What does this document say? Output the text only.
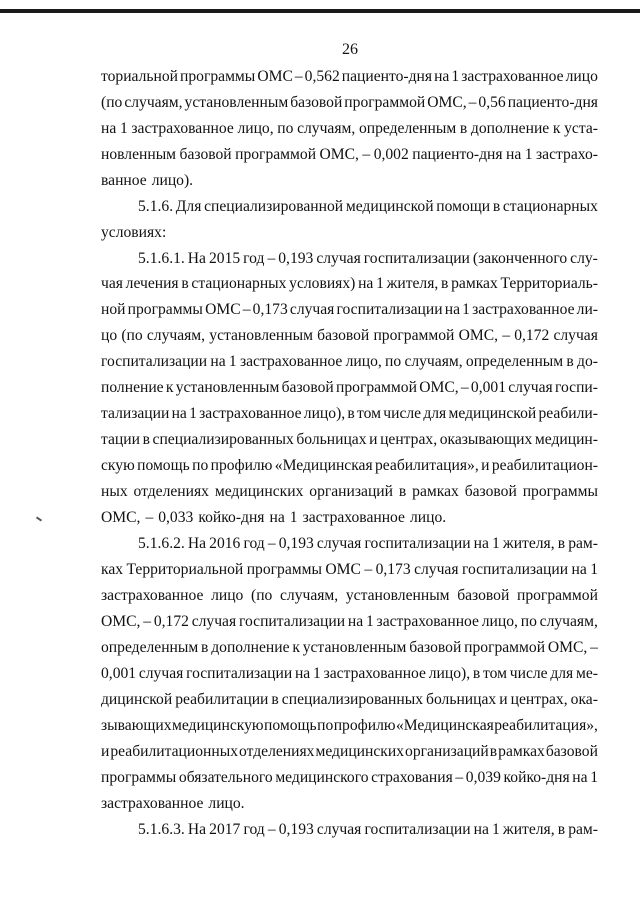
26
ториальной программы ОМС – 0,562 пациенто-дня на 1 застрахованное лицо
(по случаям, установленным базовой программой ОМС, – 0,56 пациенто-дня
на 1 застрахованное лицо, по случаям, определенным в дополнение к уста-
новленным базовой программой ОМС, – 0,002 пациенто-дня на 1 застрахо-
ванное лицо).
5.1.6. Для специализированной медицинской помощи в стационарных
условиях:
5.1.6.1. На 2015 год – 0,193 случая госпитализации (законченного слу-
чая лечения в стационарных условиях) на 1 жителя, в рамках Территориаль-
ной программы ОМС – 0,173 случая госпитализации на 1 застрахованное ли-
цо (по случаям, установленным базовой программой ОМС, – 0,172 случая
госпитализации на 1 застрахованное лицо, по случаям, определенным в до-
полнение к установленным базовой программой ОМС, – 0,001 случая госпи-
тализации на 1 застрахованное лицо), в том числе для медицинской реабили-
тации в специализированных больницах и центрах, оказывающих медицин-
скую помощь по профилю «Медицинская реабилитация», и реабилитацион-
ных отделениях медицинских организаций в рамках базовой программы
ОМС, – 0,033 койко-дня на 1 застрахованное лицо.
5.1.6.2. На 2016 год – 0,193 случая госпитализации на 1 жителя, в рам-
ках Территориальной программы ОМС – 0,173 случая госпитализации на 1
застрахованное лицо (по случаям, установленным базовой программой
ОМС, – 0,172 случая госпитализации на 1 застрахованное лицо, по случаям,
определенным в дополнение к установленным базовой программой ОМС, –
0,001 случая госпитализации на 1 застрахованное лицо), в том числе для ме-
дицинской реабилитации в специализированных больницах и центрах, ока-
зывающих медицинскую помощь по профилю «Медицинская реабилитация»,
и реабилитационных отделениях медицинских организаций в рамках базовой
программы обязательного медицинского страхования – 0,039 койко-дня на 1
застрахованное лицо.
5.1.6.3. На 2017 год – 0,193 случая госпитализации на 1 жителя, в рам-
